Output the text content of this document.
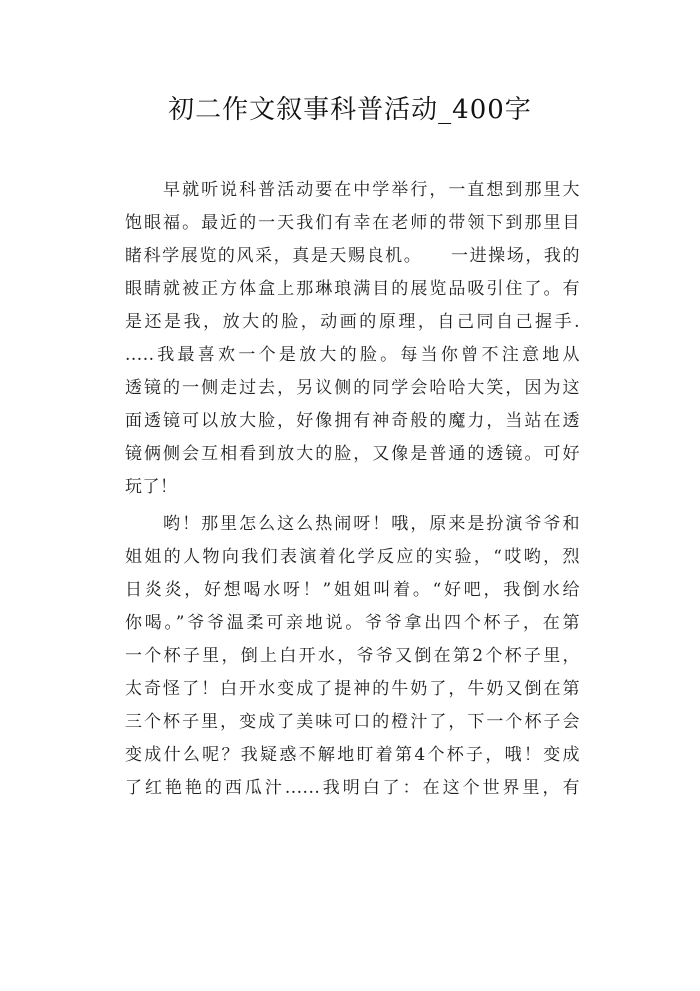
初二作文叙事科普活动_400字
　　早就听说科普活动要在中学举行，一直想到那里大
饱眼福。最近的一天我们有幸在老师的带领下到那里目
睹科学展览的风采，真是天赐良机。　　一进操场，我的
眼睛就被正方体盒上那琳琅满目的展览品吸引住了。有
是还是我，放大的脸，动画的原理，自己同自己握手.
.....我最喜欢一个是放大的脸。每当你曾不注意地从
透镜的一侧走过去，另议侧的同学会哈哈大笑，因为这
面透镜可以放大脸，好像拥有神奇般的魔力，当站在透
镜俩侧会互相看到放大的脸，又像是普通的透镜。可好
玩了！
　　哟！那里怎么这么热闹呀！哦，原来是扮演爷爷和
姐姐的人物向我们表演着化学反应的实验，“哎哟，烈
日炎炎，好想喝水呀！”姐姐叫着。“好吧，我倒水给
你喝。”爷爷温柔可亲地说。爷爷拿出四个杯子，在第
一个杯子里，倒上白开水，爷爷又倒在第2个杯子里，
太奇怪了！白开水变成了提神的牛奶了，牛奶又倒在第
三个杯子里，变成了美味可口的橙汁了，下一个杯子会
变成什么呢？我疑惑不解地盯着第4个杯子，哦！变成
了红艳艳的西瓜汁......我明白了：在这个世界里，有
